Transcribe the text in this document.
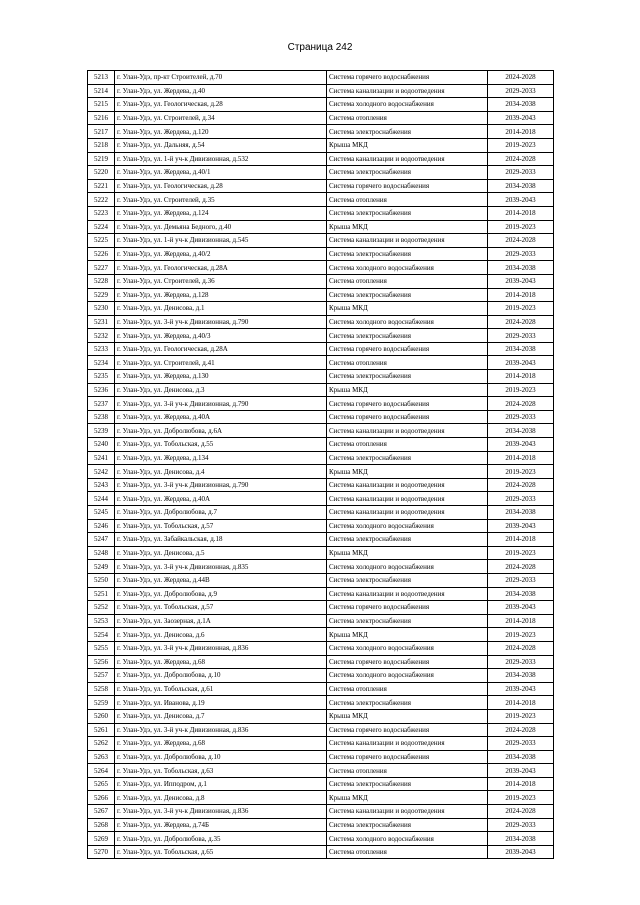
Страница 242
5213	г. Улан-Удэ, пр-кт Строителей, д.70	Система горячего водоснабжения	2024-2028
5214	г. Улан-Удэ, ул. Жердева, д.40	Система канализации и водоотведения	2029-2033
5215	г. Улан-Удэ, ул. Геологическая, д.28	Система холодного водоснабжения	2034-2038
5216	г. Улан-Удэ, ул. Строителей, д.34	Система отопления	2039-2043
5217	г. Улан-Удэ, ул. Жердева, д.120	Система электроснабжения	2014-2018
5218	г. Улан-Удэ, ул. Дальняя, д.54	Крыша МКД	2019-2023
5219	г. Улан-Удэ, ул. 1-й уч-к Дивизионная, д.532	Система канализации и водоотведения	2024-2028
5220	г. Улан-Удэ, ул. Жердева, д.40/1	Система электроснабжения	2029-2033
5221	г. Улан-Удэ, ул. Геологическая, д.28	Система горячего водоснабжения	2034-2038
5222	г. Улан-Удэ, ул. Строителей, д.35	Система отопления	2039-2043
5223	г. Улан-Удэ, ул. Жердева, д.124	Система электроснабжения	2014-2018
5224	г. Улан-Удэ, ул. Демьяна Бедного, д.40	Крыша МКД	2019-2023
5225	г. Улан-Удэ, ул. 1-й уч-к Дивизионная, д.545	Система канализации и водоотведения	2024-2028
5226	г. Улан-Удэ, ул. Жердева, д.40/2	Система электроснабжения	2029-2033
5227	г. Улан-Удэ, ул. Геологическая, д.28А	Система холодного водоснабжения	2034-2038
5228	г. Улан-Удэ, ул. Строителей, д.36	Система отопления	2039-2043
5229	г. Улан-Удэ, ул. Жердева, д.128	Система электроснабжения	2014-2018
5230	г. Улан-Удэ, ул. Денисова, д.1	Крыша МКД	2019-2023
5231	г. Улан-Удэ, ул. 3-й уч-к Дивизионная, д.790	Система холодного водоснабжения	2024-2028
5232	г. Улан-Удэ, ул. Жердева, д.40/3	Система электроснабжения	2029-2033
5233	г. Улан-Удэ, ул. Геологическая, д.28А	Система горячего водоснабжения	2034-2038
5234	г. Улан-Удэ, ул. Строителей, д.41	Система отопления	2039-2043
5235	г. Улан-Удэ, ул. Жердева, д.130	Система электроснабжения	2014-2018
5236	г. Улан-Удэ, ул. Денисова, д.3	Крыша МКД	2019-2023
5237	г. Улан-Удэ, ул. 3-й уч-к Дивизионная, д.790	Система горячего водоснабжения	2024-2028
5238	г. Улан-Удэ, ул. Жердева, д.40А	Система горячего водоснабжения	2029-2033
5239	г. Улан-Удэ, ул. Добролюбова, д.6А	Система канализации и водоотведения	2034-2038
5240	г. Улан-Удэ, ул. Тобольская, д.55	Система отопления	2039-2043
5241	г. Улан-Удэ, ул. Жердева, д.134	Система электроснабжения	2014-2018
5242	г. Улан-Удэ, ул. Денисова, д.4	Крыша МКД	2019-2023
5243	г. Улан-Удэ, ул. 3-й уч-к Дивизионная, д.790	Система канализации и водоотведения	2024-2028
5244	г. Улан-Удэ, ул. Жердева, д.40А	Система канализации и водоотведения	2029-2033
5245	г. Улан-Удэ, ул. Добролюбова, д.7	Система канализации и водоотведения	2034-2038
5246	г. Улан-Удэ, ул. Тобольская, д.57	Система холодного водоснабжения	2039-2043
5247	г. Улан-Удэ, ул. Забайкальская, д.18	Система электроснабжения	2014-2018
5248	г. Улан-Удэ, ул. Денисова, д.5	Крыша МКД	2019-2023
5249	г. Улан-Удэ, ул. 3-й уч-к Дивизионная, д.835	Система холодного водоснабжения	2024-2028
5250	г. Улан-Удэ, ул. Жердева, д.44В	Система электроснабжения	2029-2033
5251	г. Улан-Удэ, ул. Добролюбова, д.9	Система канализации и водоотведения	2034-2038
5252	г. Улан-Удэ, ул. Тобольская, д.57	Система горячего водоснабжения	2039-2043
5253	г. Улан-Удэ, ул. Заозерная, д.1А	Система электроснабжения	2014-2018
5254	г. Улан-Удэ, ул. Денисова, д.6	Крыша МКД	2019-2023
5255	г. Улан-Удэ, ул. 3-й уч-к Дивизионная, д.836	Система холодного водоснабжения	2024-2028
5256	г. Улан-Удэ, ул. Жердева, д.68	Система горячего водоснабжения	2029-2033
5257	г. Улан-Удэ, ул. Добролюбова, д.10	Система холодного водоснабжения	2034-2038
5258	г. Улан-Удэ, ул. Тобольская, д.61	Система отопления	2039-2043
5259	г. Улан-Удэ, ул. Иванова, д.19	Система электроснабжения	2014-2018
5260	г. Улан-Удэ, ул. Денисова, д.7	Крыша МКД	2019-2023
5261	г. Улан-Удэ, ул. 3-й уч-к Дивизионная, д.836	Система горячего водоснабжения	2024-2028
5262	г. Улан-Удэ, ул. Жердева, д.68	Система канализации и водоотведения	2029-2033
5263	г. Улан-Удэ, ул. Добролюбова, д.10	Система горячего водоснабжения	2034-2038
5264	г. Улан-Удэ, ул. Тобольская, д.63	Система отопления	2039-2043
5265	г. Улан-Удэ, ул. Ипподром, д.1	Система электроснабжения	2014-2018
5266	г. Улан-Удэ, ул. Денисова, д.8	Крыша МКД	2019-2023
5267	г. Улан-Удэ, ул. 3-й уч-к Дивизионная, д.836	Система канализации и водоотведения	2024-2028
5268	г. Улан-Удэ, ул. Жердева, д.74Б	Система электроснабжения	2029-2033
5269	г. Улан-Удэ, ул. Добролюбова, д.35	Система холодного водоснабжения	2034-2038
5270	г. Улан-Удэ, ул. Тобольская, д.65	Система отопления	2039-2043
